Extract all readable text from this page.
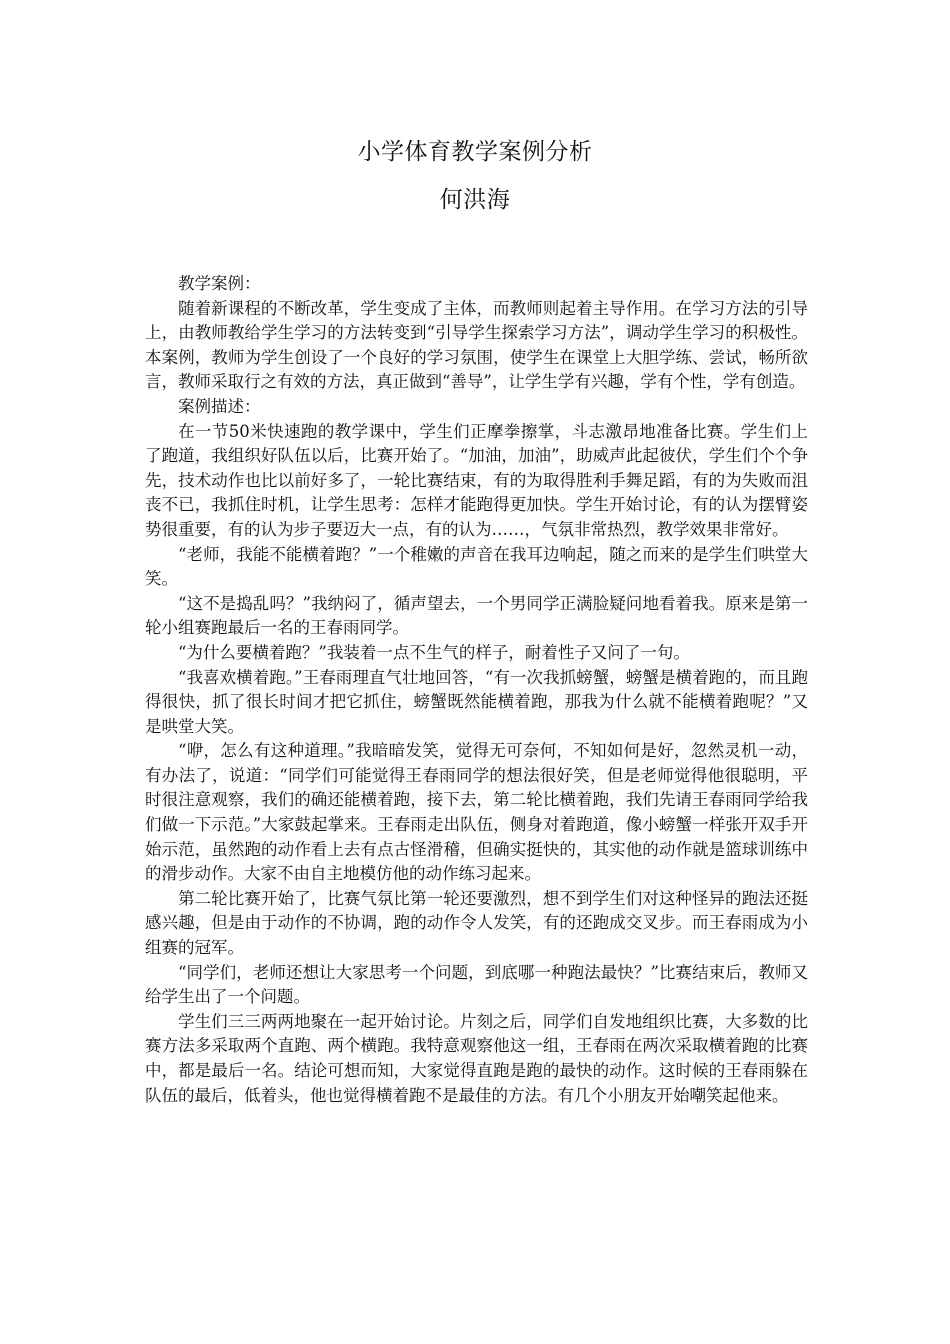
小学体育教学案例分析
何洪海

教学案例：

随着新课程的不断改革，学生变成了主体，而教师则起着主导作用。在学习方法的引导上，由教师教给学生学习的方法转变到“引导学生探索学习方法”，调动学生学习的积极性。本案例，教师为学生创设了一个良好的学习氛围，使学生在课堂上大胆学练、尝试，畅所欲言，教师采取行之有效的方法，真正做到“善导”，让学生学有兴趣，学有个性，学有创造。

案例描述：

在一节50米快速跑的教学课中，学生们正摩拳擦掌，斗志激昂地准备比赛。学生们上了跑道，我组织好队伍以后，比赛开始了。“加油，加油”，助威声此起彼伏，学生们个个争先，技术动作也比以前好多了，一轮比赛结束，有的为取得胜利手舞足蹈，有的为失败而沮丧不已，我抓住时机，让学生思考：怎样才能跑得更加快。学生开始讨论，有的认为摆臂姿势很重要，有的认为步子要迈大一点，有的认为……，气氛非常热烈，教学效果非常好。

“老师，我能不能横着跑？”一个稚嫩的声音在我耳边响起，随之而来的是学生们哄堂大笑。

“这不是捣乱吗？”我纳闷了，循声望去，一个男同学正满脸疑问地看着我。原来是第一轮小组赛跑最后一名的王春雨同学。

“为什么要横着跑？”我装着一点不生气的样子，耐着性子又问了一句。

“我喜欢横着跑。”王春雨理直气壮地回答，“有一次我抓螃蟹，螃蟹是横着跑的，而且跑得很快，抓了很长时间才把它抓住，螃蟹既然能横着跑，那我为什么就不能横着跑呢？”又是哄堂大笑。

“咿，怎么有这种道理。”我暗暗发笑，觉得无可奈何，不知如何是好，忽然灵机一动，有办法了，说道：“同学们可能觉得王春雨同学的想法很好笑，但是老师觉得他很聪明，平时很注意观察，我们的确还能横着跑，接下去，第二轮比横着跑，我们先请王春雨同学给我们做一下示范。”大家鼓起掌来。王春雨走出队伍，侧身对着跑道，像小螃蟹一样张开双手开始示范，虽然跑的动作看上去有点古怪滑稽，但确实挺快的，其实他的动作就是篮球训练中的滑步动作。大家不由自主地模仿他的动作练习起来。

第二轮比赛开始了，比赛气氛比第一轮还要激烈，想不到学生们对这种怪异的跑法还挺感兴趣，但是由于动作的不协调，跑的动作令人发笑，有的还跑成交叉步。而王春雨成为小组赛的冠军。

“同学们，老师还想让大家思考一个问题，到底哪一种跑法最快？”比赛结束后，教师又给学生出了一个问题。

学生们三三两两地聚在一起开始讨论。片刻之后，同学们自发地组织比赛，大多数的比赛方法多采取两个直跑、两个横跑。我特意观察他这一组，王春雨在两次采取横着跑的比赛中，都是最后一名。结论可想而知，大家觉得直跑是跑的最快的动作。这时候的王春雨躲在队伍的最后，低着头，他也觉得横着跑不是最佳的方法。有几个小朋友开始嘲笑起他来。
